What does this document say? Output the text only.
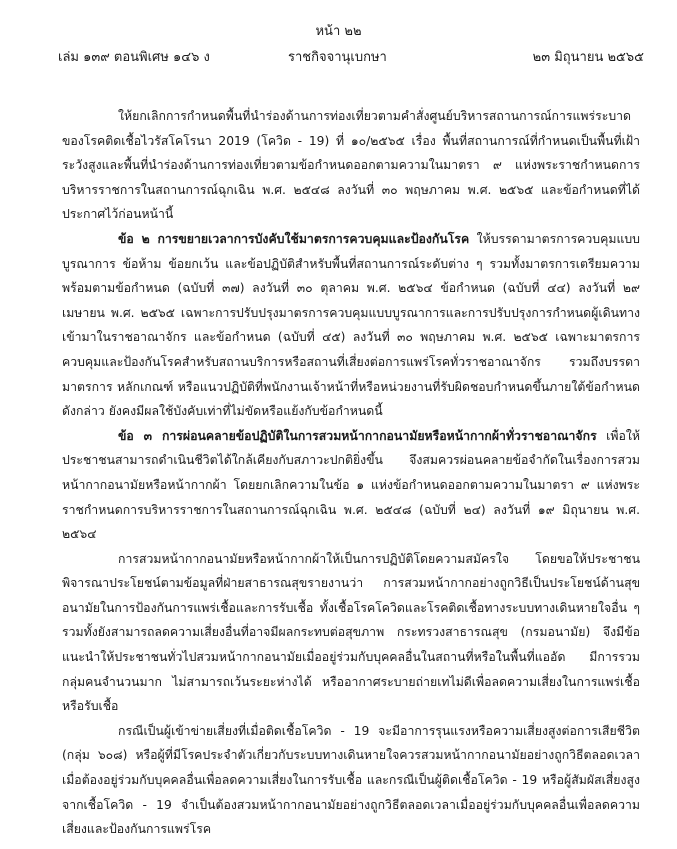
หน้า ๒๒
เล่ม ๑๓๙ ตอนพิเศษ ๑๔๖ ง	ราชกิจจานุเบกษา	๒๓ มิถุนายน ๒๕๖๕

ให้ยกเลิกการกำหนดพื้นที่นำร่องด้านการท่องเที่ยวตามคำสั่งศูนย์บริหารสถานการณ์การแพร่ระบาดของโรคติดเชื้อไวรัสโคโรนา 2019 (โควิด - 19) ที่ ๑๐/๒๕๖๕ เรื่อง พื้นที่สถานการณ์ที่กำหนดเป็นพื้นที่เฝ้าระวังสูงและพื้นที่นำร่องด้านการท่องเที่ยวตามข้อกำหนดออกตามความในมาตรา ๙ แห่งพระราชกำหนดการบริหารราชการในสถานการณ์ฉุกเฉิน พ.ศ. ๒๕๔๘ ลงวันที่ ๓๐ พฤษภาคม พ.ศ. ๒๕๖๕ และข้อกำหนดที่ได้ประกาศไว้ก่อนหน้านี้

ข้อ ๒ การขยายเวลาการบังคับใช้มาตรการควบคุมและป้องกันโรค ให้บรรดามาตรการควบคุมแบบบูรณาการ ข้อห้าม ข้อยกเว้น และข้อปฏิบัติสำหรับพื้นที่สถานการณ์ระดับต่าง ๆ รวมทั้งมาตรการเตรียมความพร้อมตามข้อกำหนด (ฉบับที่ ๓๗) ลงวันที่ ๓๐ ตุลาคม พ.ศ. ๒๕๖๔ ข้อกำหนด (ฉบับที่ ๔๔) ลงวันที่ ๒๙ เมษายน พ.ศ. ๒๕๖๕ เฉพาะการปรับปรุงมาตรการควบคุมแบบบูรณาการและการปรับปรุงการกำหนดผู้เดินทางเข้ามาในราชอาณาจักร และข้อกำหนด (ฉบับที่ ๔๕) ลงวันที่ ๓๐ พฤษภาคม พ.ศ. ๒๕๖๕ เฉพาะมาตรการควบคุมและป้องกันโรคสำหรับสถานบริการหรือสถานที่เสี่ยงต่อการแพร่โรคทั่วราชอาณาจักร รวมถึงบรรดามาตรการ หลักเกณฑ์ หรือแนวปฏิบัติที่พนักงานเจ้าหน้าที่หรือหน่วยงานที่รับผิดชอบกำหนดขึ้นภายใต้ข้อกำหนดดังกล่าว ยังคงมีผลใช้บังคับเท่าที่ไม่ขัดหรือแย้งกับข้อกำหนดนี้

ข้อ ๓ การผ่อนคลายข้อปฏิบัติในการสวมหน้ากากอนามัยหรือหน้ากากผ้าทั่วราชอาณาจักร เพื่อให้ประชาชนสามารถดำเนินชีวิตได้ใกล้เคียงกับสภาวะปกติยิ่งขึ้น จึงสมควรผ่อนคลายข้อจำกัดในเรื่องการสวมหน้ากากอนามัยหรือหน้ากากผ้า โดยยกเลิกความในข้อ ๑ แห่งข้อกำหนดออกตามความในมาตรา ๙ แห่งพระราชกำหนดการบริหารราชการในสถานการณ์ฉุกเฉิน พ.ศ. ๒๕๔๘ (ฉบับที่ ๒๔) ลงวันที่ ๑๙ มิถุนายน พ.ศ. ๒๕๖๔

การสวมหน้ากากอนามัยหรือหน้ากากผ้าให้เป็นการปฏิบัติโดยความสมัครใจ โดยขอให้ประชาชนพิจารณาประโยชน์ตามข้อมูลที่ฝ่ายสาธารณสุขรายงานว่า การสวมหน้ากากอย่างถูกวิธีเป็นประโยชน์ด้านสุขอนามัยในการป้องกันการแพร่เชื้อและการรับเชื้อ ทั้งเชื้อโรคโควิดและโรคติดเชื้อทางระบบทางเดินหายใจอื่น ๆ รวมทั้งยังสามารถลดความเสี่ยงอื่นที่อาจมีผลกระทบต่อสุขภาพ กระทรวงสาธารณสุข (กรมอนามัย) จึงมีข้อแนะนำให้ประชาชนทั่วไปสวมหน้ากากอนามัยเมื่ออยู่ร่วมกับบุคคลอื่นในสถานที่หรือในพื้นที่แออัด มีการรวมกลุ่มคนจำนวนมาก ไม่สามารถเว้นระยะห่างได้ หรืออากาศระบายถ่ายเทไม่ดีเพื่อลดความเสี่ยงในการแพร่เชื้อหรือรับเชื้อ

กรณีเป็นผู้เข้าข่ายเสี่ยงที่เมื่อติดเชื้อโควิด - 19 จะมีอาการรุนแรงหรือความเสี่ยงสูงต่อการเสียชีวิต (กลุ่ม ๖๐๘) หรือผู้ที่มีโรคประจำตัวเกี่ยวกับระบบทางเดินหายใจควรสวมหน้ากากอนามัยอย่างถูกวิธีตลอดเวลาเมื่อต้องอยู่ร่วมกับบุคคลอื่นเพื่อลดความเสี่ยงในการรับเชื้อ และกรณีเป็นผู้ติดเชื้อโควิด - 19 หรือผู้สัมผัสเสี่ยงสูงจากเชื้อโควิด - 19 จำเป็นต้องสวมหน้ากากอนามัยอย่างถูกวิธีตลอดเวลาเมื่ออยู่ร่วมกับบุคคลอื่นเพื่อลดความเสี่ยงและป้องกันการแพร่โรค
